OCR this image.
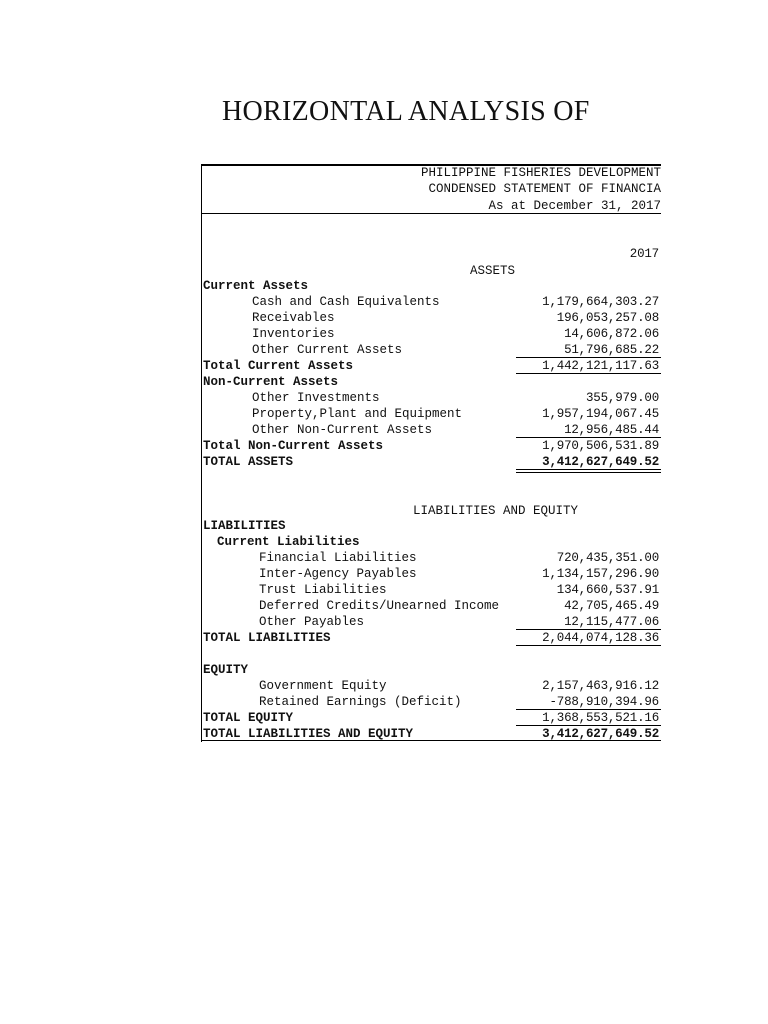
HORIZONTAL ANALYSIS OF
PHILIPPINE FISHERIES DEVELOPMENT
CONDENSED STATEMENT OF FINANCIA
As at December 31, 2017
2017
ASSETS
Current Assets
Cash and Cash Equivalents	1,179,664,303.27
Receivables	196,053,257.08
Inventories	14,606,872.06
Other Current Assets	51,796,685.22
Total Current Assets	1,442,121,117.63
Non-Current Assets
Other Investments	355,979.00
Property,Plant and Equipment	1,957,194,067.45
Other Non-Current Assets	12,956,485.44
Total Non-Current Assets	1,970,506,531.89
TOTAL ASSETS	3,412,627,649.52
LIABILITIES AND EQUITY
LIABILITIES
Current Liabilities
Financial Liabilities	720,435,351.00
Inter-Agency Payables	1,134,157,296.90
Trust Liabilities	134,660,537.91
Deferred Credits/Unearned Income	42,705,465.49
Other Payables	12,115,477.06
TOTAL LIABILITIES	2,044,074,128.36
EQUITY
Government Equity	2,157,463,916.12
Retained Earnings (Deficit)	-788,910,394.96
TOTAL EQUITY	1,368,553,521.16
TOTAL LIABILITIES AND EQUITY	3,412,627,649.52
